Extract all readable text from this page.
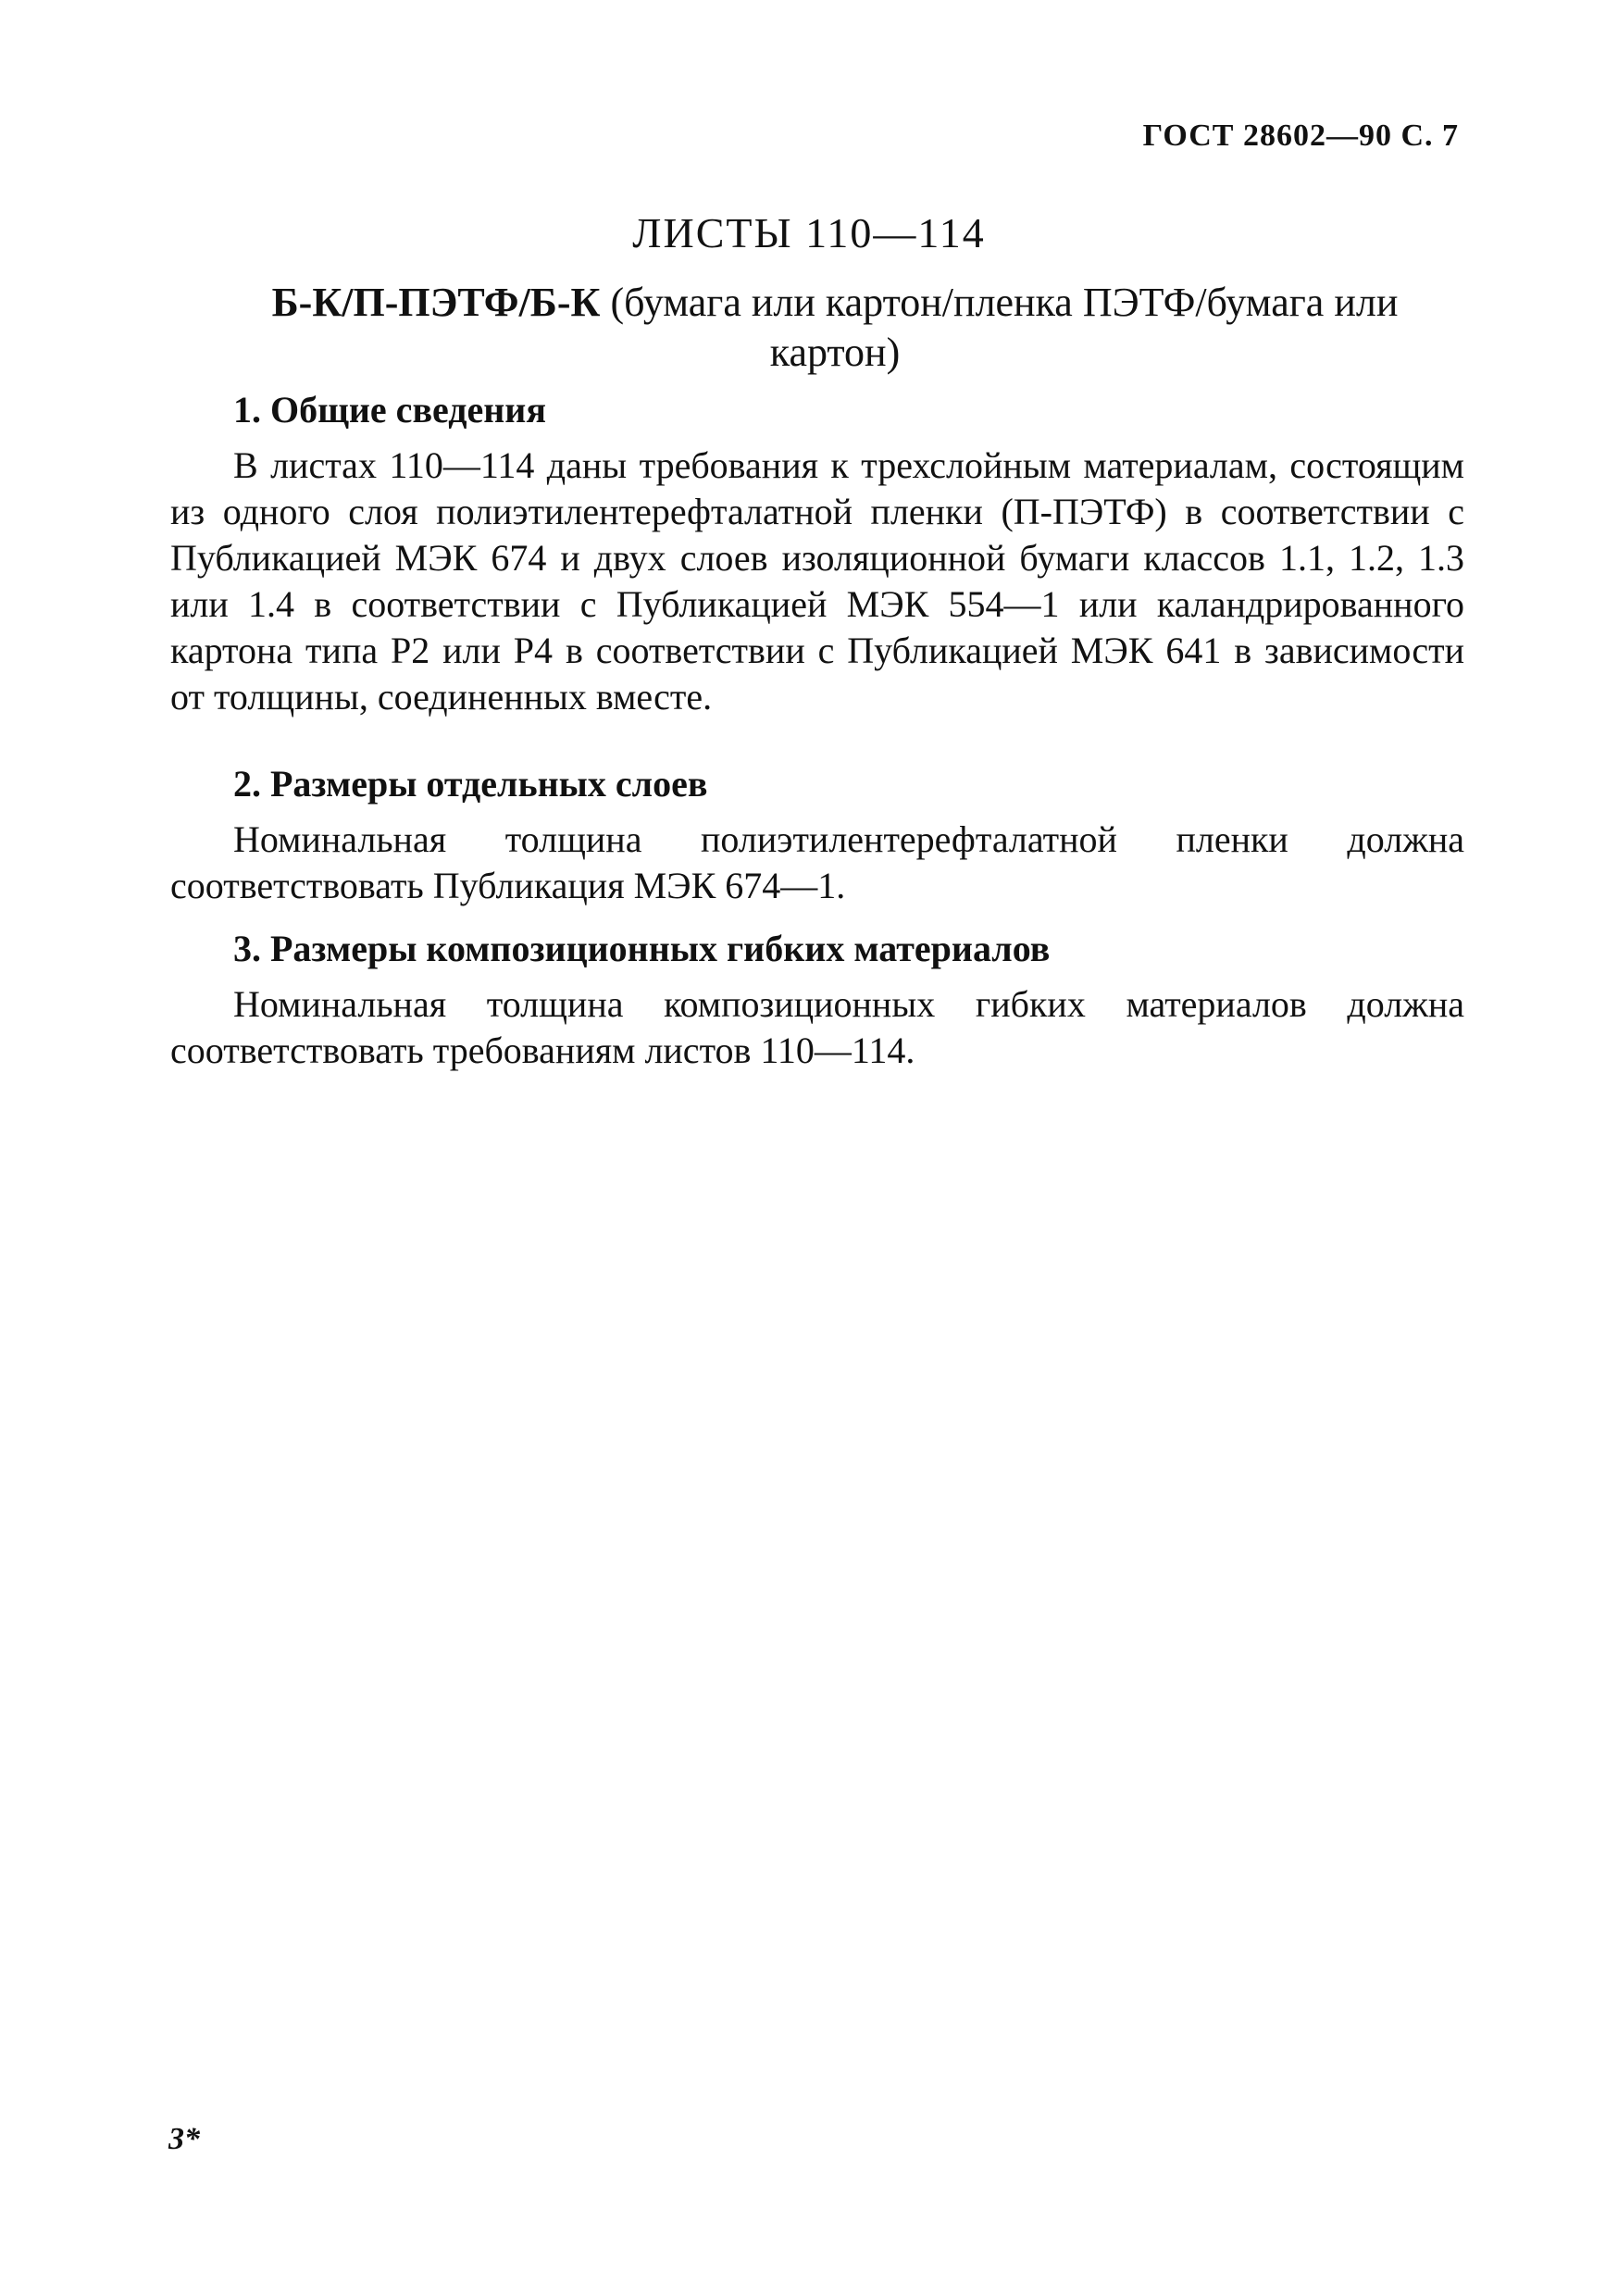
ГОСТ 28602—90 С. 7
ЛИСТЫ 110—114
Б-К/П-ПЭТФ/Б-К (бумага или картон/пленка ПЭТФ/бумага или картон)
1. Общие сведения

В листах 110—114 даны требования к трехслойным материалам, состоящим из одного слоя полиэтилентерефталатной пленки (П-ПЭТФ) в соответствии с Публикацией МЭК 674 и двух слоев изоляционной бумаги классов 1.1, 1.2, 1.3 или 1.4 в соответствии с Публикацией МЭК 554—1 или каландрированного картона типа Р2 или Р4 в соответствии с Публикацией МЭК 641 в зависимости от толщины, соединенных вместе.

2. Размеры отдельных слоев

Номинальная толщина полиэтилентерефталатной пленки должна соответствовать Публикация МЭК 674—1.

3. Размеры композиционных гибких материалов

Номинальная толщина композиционных гибких материалов должна соответствовать требованиям листов 110—114.

3*
